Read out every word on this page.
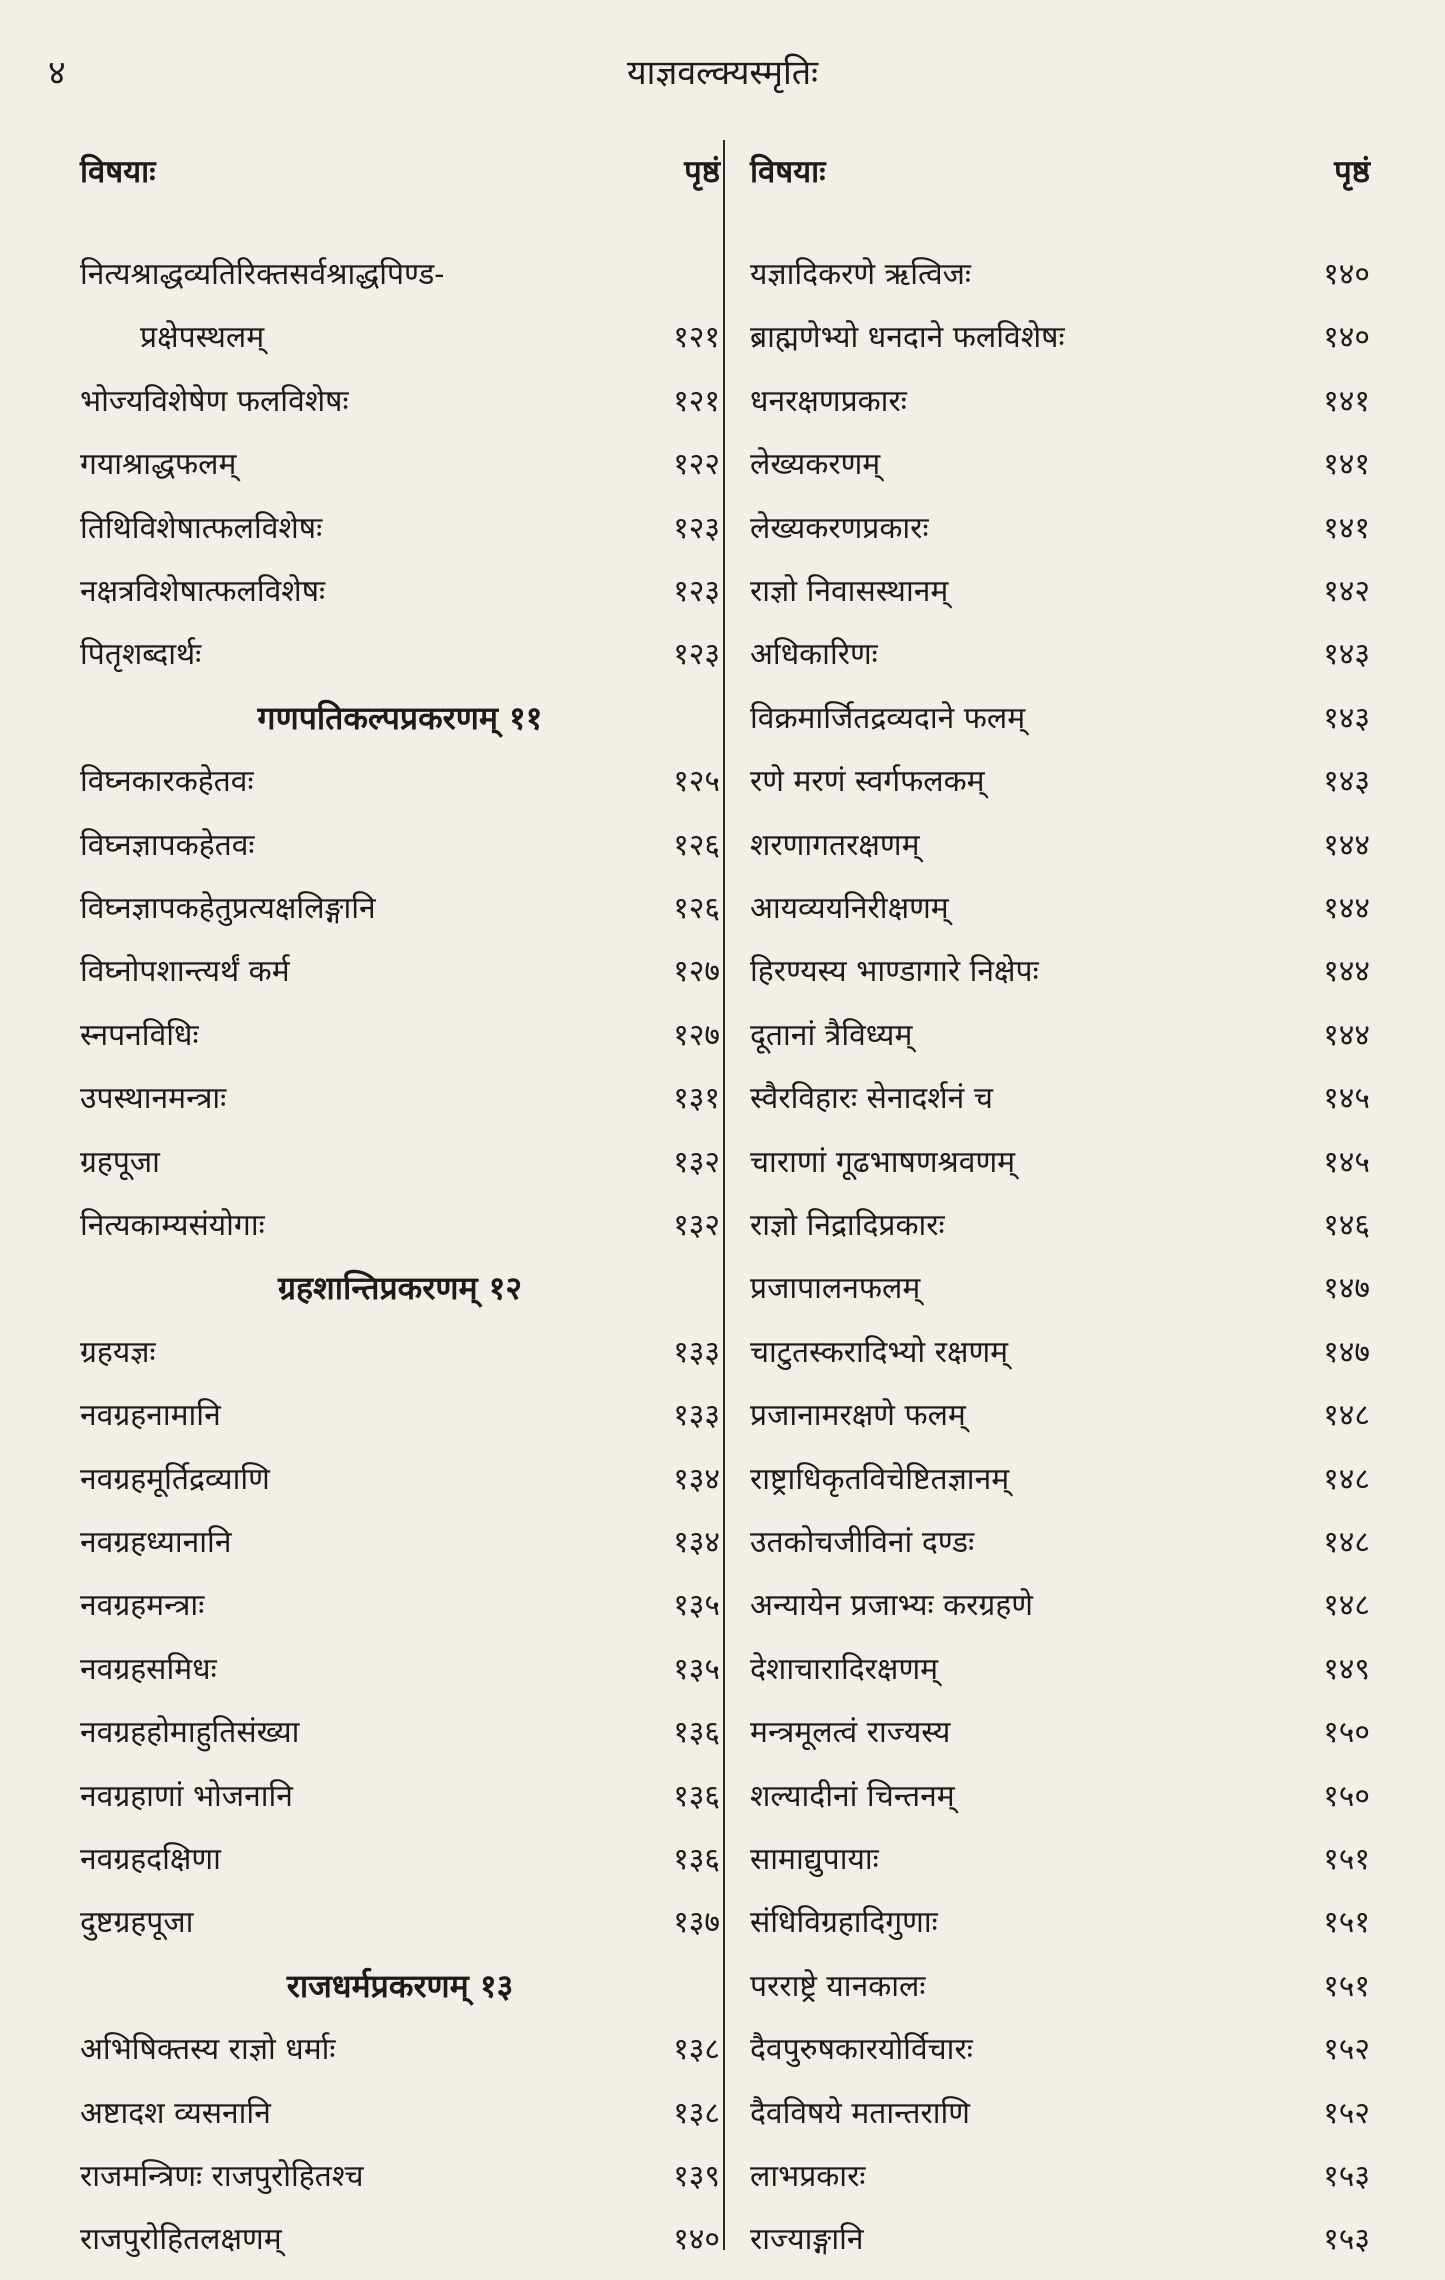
४	याज्ञवल्क्यस्मृतिः
विषयाः	पृष्ठं
नित्यश्राद्धव्यतिरिक्तसर्वश्राद्धपिण्ड-
प्रक्षेपस्थलम्	१२१
भोज्यविशेषेण फलविशेषः	१२१
गयाश्राद्धफलम्	१२२
तिथिविशेषात्फलविशेषः	१२३
नक्षत्रविशेषात्फलविशेषः	१२३
पितृशब्दार्थः	१२३
गणपतिकल्पप्रकरणम् ११
विघ्नकारकहेतवः	१२५
विघ्नज्ञापकहेतवः	१२६
विघ्नज्ञापकहेतुप्रत्यक्षलिङ्गानि	१२६
विघ्नोपशान्त्यर्थं कर्म	१२७
स्नपनविधिः	१२७
उपस्थानमन्त्राः	१३१
ग्रहपूजा	१३२
नित्यकाम्यसंयोगाः	१३२
ग्रहशान्तिप्रकरणम् १२
ग्रहयज्ञः	१३३
नवग्रहनामानि	१३३
नवग्रहमूर्तिद्रव्याणि	१३४
नवग्रहध्यानानि	१३४
नवग्रहमन्त्राः	१३५
नवग्रहसमिधः	१३५
नवग्रहहोमाहुतिसंख्या	१३६
नवग्रहाणां भोजनानि	१३६
नवग्रहदक्षिणा	१३६
दुष्टग्रहपूजा	१३७
राजधर्मप्रकरणम् १३
अभिषिक्तस्य राज्ञो धर्माः	१३८
अष्टादश व्यसनानि	१३८
राजमन्त्रिणः राजपुरोहितश्च	१३९
राजपुरोहितलक्षणम्	१४०
विषयाः	पृष्ठं
यज्ञादिकरणे ऋत्विजः	१४०
ब्राह्मणेभ्यो धनदाने फलविशेषः	१४०
धनरक्षणप्रकारः	१४१
लेख्यकरणम्	१४१
लेख्यकरणप्रकारः	१४१
राज्ञो निवासस्थानम्	१४२
अधिकारिणः	१४३
विक्रमार्जितद्रव्यदाने फलम्	१४३
रणे मरणं स्वर्गफलकम्	१४३
शरणागतरक्षणम्	१४४
आयव्ययनिरीक्षणम्	१४४
हिरण्यस्य भाण्डागारे निक्षेपः	१४४
दूतानां त्रैविध्यम्	१४४
स्वैरविहारः सेनादर्शनं च	१४५
चाराणां गूढभाषणश्रवणम्	१४५
राज्ञो निद्रादिप्रकारः	१४६
प्रजापालनफलम्	१४७
चाटुतस्करादिभ्यो रक्षणम्	१४७
प्रजानामरक्षणे फलम्	१४८
राष्ट्राधिकृतविचेष्टितज्ञानम्	१४८
उतकोचजीविनां दण्डः	१४८
अन्यायेन प्रजाभ्यः करग्रहणे	१४८
देशाचारादिरक्षणम्	१४९
मन्त्रमूलत्वं राज्यस्य	१५०
शल्यादीनां चिन्तनम्	१५०
सामाद्युपायाः	१५१
संधिविग्रहादिगुणाः	१५१
परराष्ट्रे यानकालः	१५१
दैवपुरुषकारयोर्विचारः	१५२
दैवविषये मतान्तराणि	१५२
लाभप्रकारः	१५३
राज्याङ्गानि	१५३
